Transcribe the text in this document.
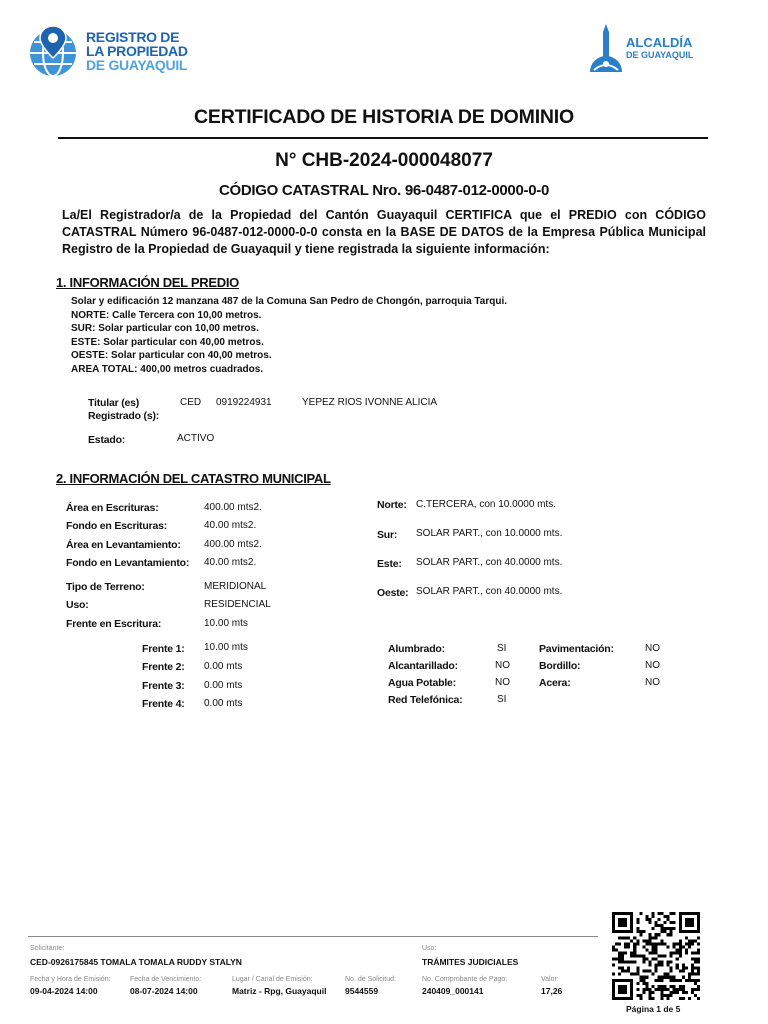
REGISTRO DE
LA PROPIEDAD
DE GUAYAQUIL
ALCALDÍA
DE GUAYAQUIL
CERTIFICADO DE HISTORIA DE DOMINIO
N° CHB-2024-000048077
CÓDIGO CATASTRAL Nro. 96-0487-012-0000-0-0
La/El Registrador/a de la Propiedad del Cantón Guayaquil CERTIFICA que el PREDIO con CÓDIGO CATASTRAL Número 96-0487-012-0000-0-0 consta en la BASE DE DATOS de la Empresa Pública Municipal Registro de la Propiedad de Guayaquil y tiene registrada la siguiente información:
1. INFORMACIÓN DEL PREDIO
Solar y edificación 12 manzana 487 de la Comuna San Pedro de Chongón, parroquia Tarqui.
NORTE: Calle Tercera con 10,00 metros.
SUR: Solar particular con 10,00 metros.
ESTE: Solar particular con 40,00 metros.
OESTE: Solar particular con 40,00 metros.
AREA TOTAL: 400,00 metros cuadrados.
Titular (es)
Registrado (s):
CED 0919224931	YEPEZ RIOS IVONNE ALICIA
Estado:	ACTIVO
2. INFORMACIÓN DEL CATASTRO MUNICIPAL
Área en Escrituras:	400.00 mts2.
Fondo en Escrituras:	40.00 mts2.
Área en Levantamiento: 400.00 mts2.
Fondo en Levantamiento: 40.00 mts2.
Tipo de Terreno:	MERIDIONAL
Uso:	RESIDENCIAL
Frente en Escritura:	10.00 mts
Norte: C.TERCERA, con 10.0000 mts.
Sur: SOLAR PART., con 10.0000 mts.
Este: SOLAR PART., con 40.0000 mts.
Oeste: SOLAR PART., con 40.0000 mts.
Frente 1: 10.00 mts
Frente 2: 0.00 mts
Frente 3: 0.00 mts
Frente 4: 0.00 mts
Alumbrado:	SI
Alcantarillado:	NO
Agua Potable:	NO
Red Telefónica:	SI
Pavimentación:	NO
Bordillo:	NO
Acera:	NO
Solicitante:
CED-0926175845 TOMALA TOMALA RUDDY STALYN
Uso:
TRÁMITES JUDICIALES
Fecha y Hora de Emisión:
09-04-2024 14:00
Fecha de Vencimiento:
08-07-2024 14:00
Lugar / Canal de Emisión:
Matriz - Rpg, Guayaquil
No. de Solicitud:
9544559
No. Comprobante de Pago:
240409_000141
Valor:
17,26
Página 1 de 5
